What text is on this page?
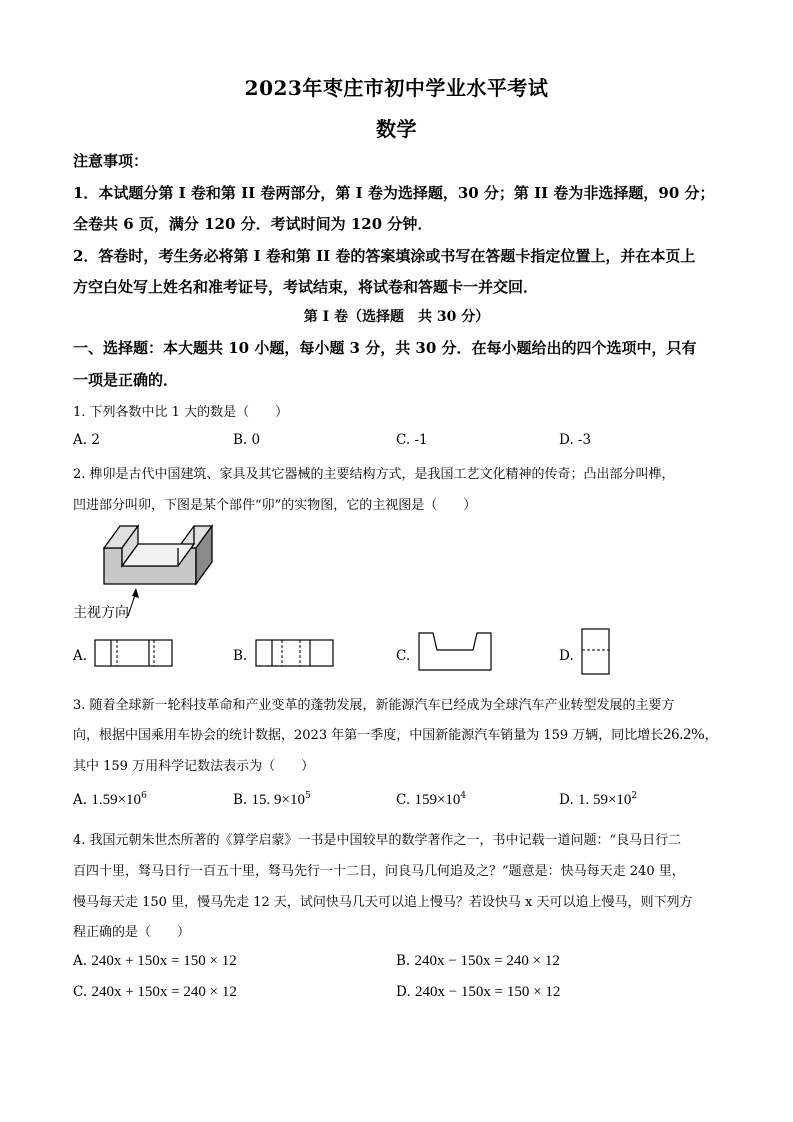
2023年枣庄市初中学业水平考试
数学
注意事项：
1．本试题分第 I 卷和第 II 卷两部分，第 I 卷为选择题，30 分；第 II 卷为非选择题，90 分；
全卷共 6 页，满分 120 分．考试时间为 120 分钟．
2．答卷时，考生务必将第 I 卷和第 II 卷的答案填涂或书写在答题卡指定位置上，并在本页上
方空白处写上姓名和准考证号，考试结束，将试卷和答题卡一并交回．
第 I 卷（选择题　共 30 分）
一、选择题：本大题共 10 小题，每小题 3 分，共 30 分．在每小题给出的四个选项中，只有
一项是正确的．
1. 下列各数中比 1 大的数是（　　）
A. 2	B. 0	C. -1	D. -3
2. 榫卯是古代中国建筑、家具及其它器械的主要结构方式，是我国工艺文化精神的传奇；凸出部分叫榫，
凹进部分叫卯，下图是某个部件“卯”的实物图，它的主视图是（　　）
主视方向
A.	B.	C.	D.
3. 随着全球新一轮科技革命和产业变革的蓬勃发展，新能源汽车已经成为全球汽车产业转型发展的主要方
向，根据中国乘用车协会的统计数据，2023 年第一季度，中国新能源汽车销量为 159 万辆，同比增长26.2%，
其中 159 万用科学记数法表示为（　　）
A. $1.59\times 10^6$	B. 15. $9\times 10^5$	C. $159\times 10^4$	D. 1. $59\times 10^2$
4. 我国元朝朱世杰所著的《算学启蒙》一书是中国较早的数学著作之一，书中记载一道问题：“良马日行二
百四十里，驽马日行一百五十里，驽马先行一十二日，问良马几何追及之？”题意是：快马每天走 240 里，
慢马每天走 150 里，慢马先走 12 天，试问快马几天可以追上慢马？若设快马 x 天可以追上慢马，则下列方
程正确的是（　　）
A. 240x + 150x = 150 × 12	B. 240x − 150x = 240 × 12
C. 240x + 150x = 240 × 12	D. 240x − 150x = 150 × 12
